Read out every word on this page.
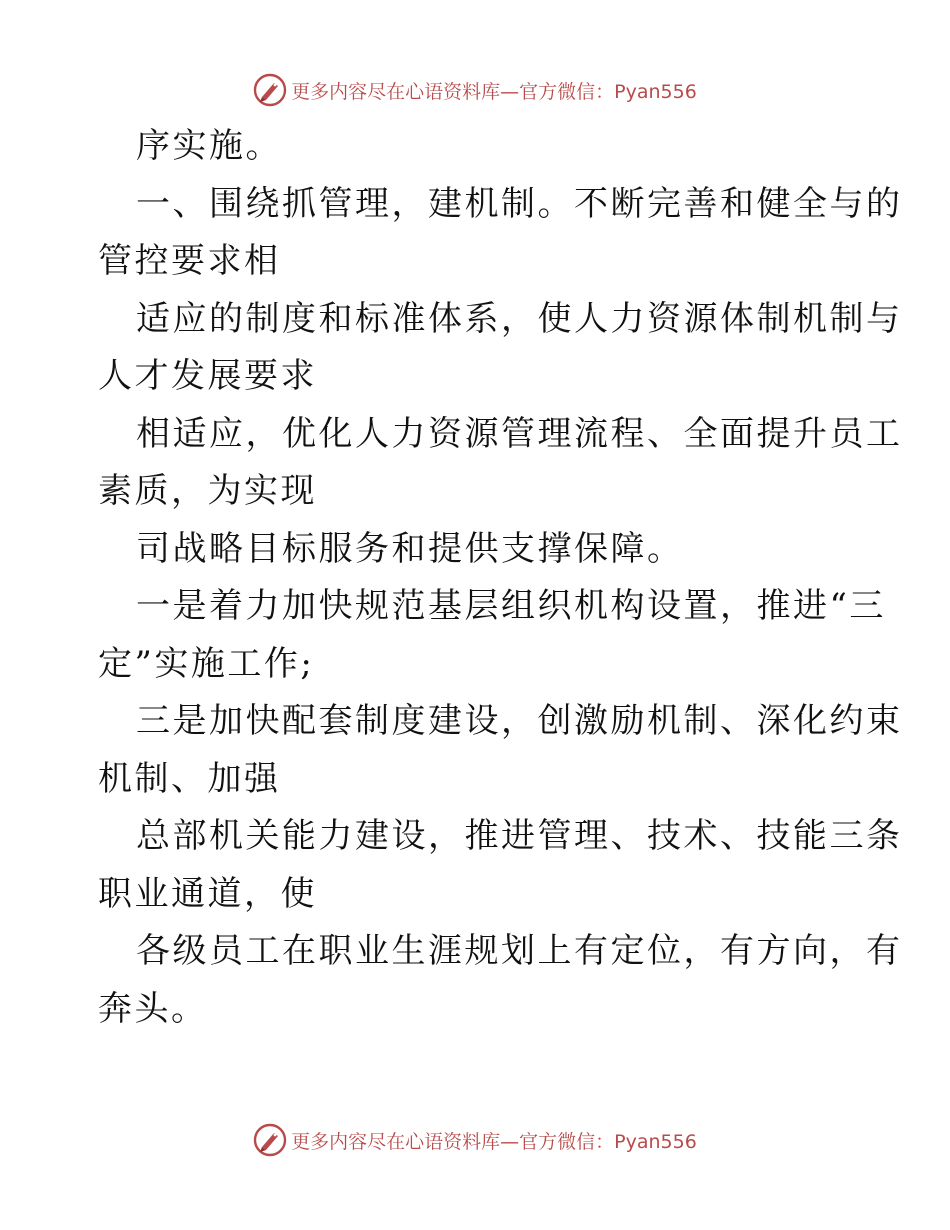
更多内容尽在心语资料库—官方微信：Pyan556

序实施。

一、围绕抓管理，建机制。不断完善和健全与的

管控要求相

适应的制度和标准体系，使人力资源体制机制与

人才发展要求

相适应，优化人力资源管理流程、全面提升员工

素质，为实现

司战略目标服务和提供支撑保障。

一是着力加快规范基层组织机构设置，推进“三

定”实施工作;

三是加快配套制度建设，创激励机制、深化约束

机制、加强

总部机关能力建设，推进管理、技术、技能三条

职业通道，使

各级员工在职业生涯规划上有定位，有方向，有

奔头。

更多内容尽在心语资料库—官方微信：Pyan556
